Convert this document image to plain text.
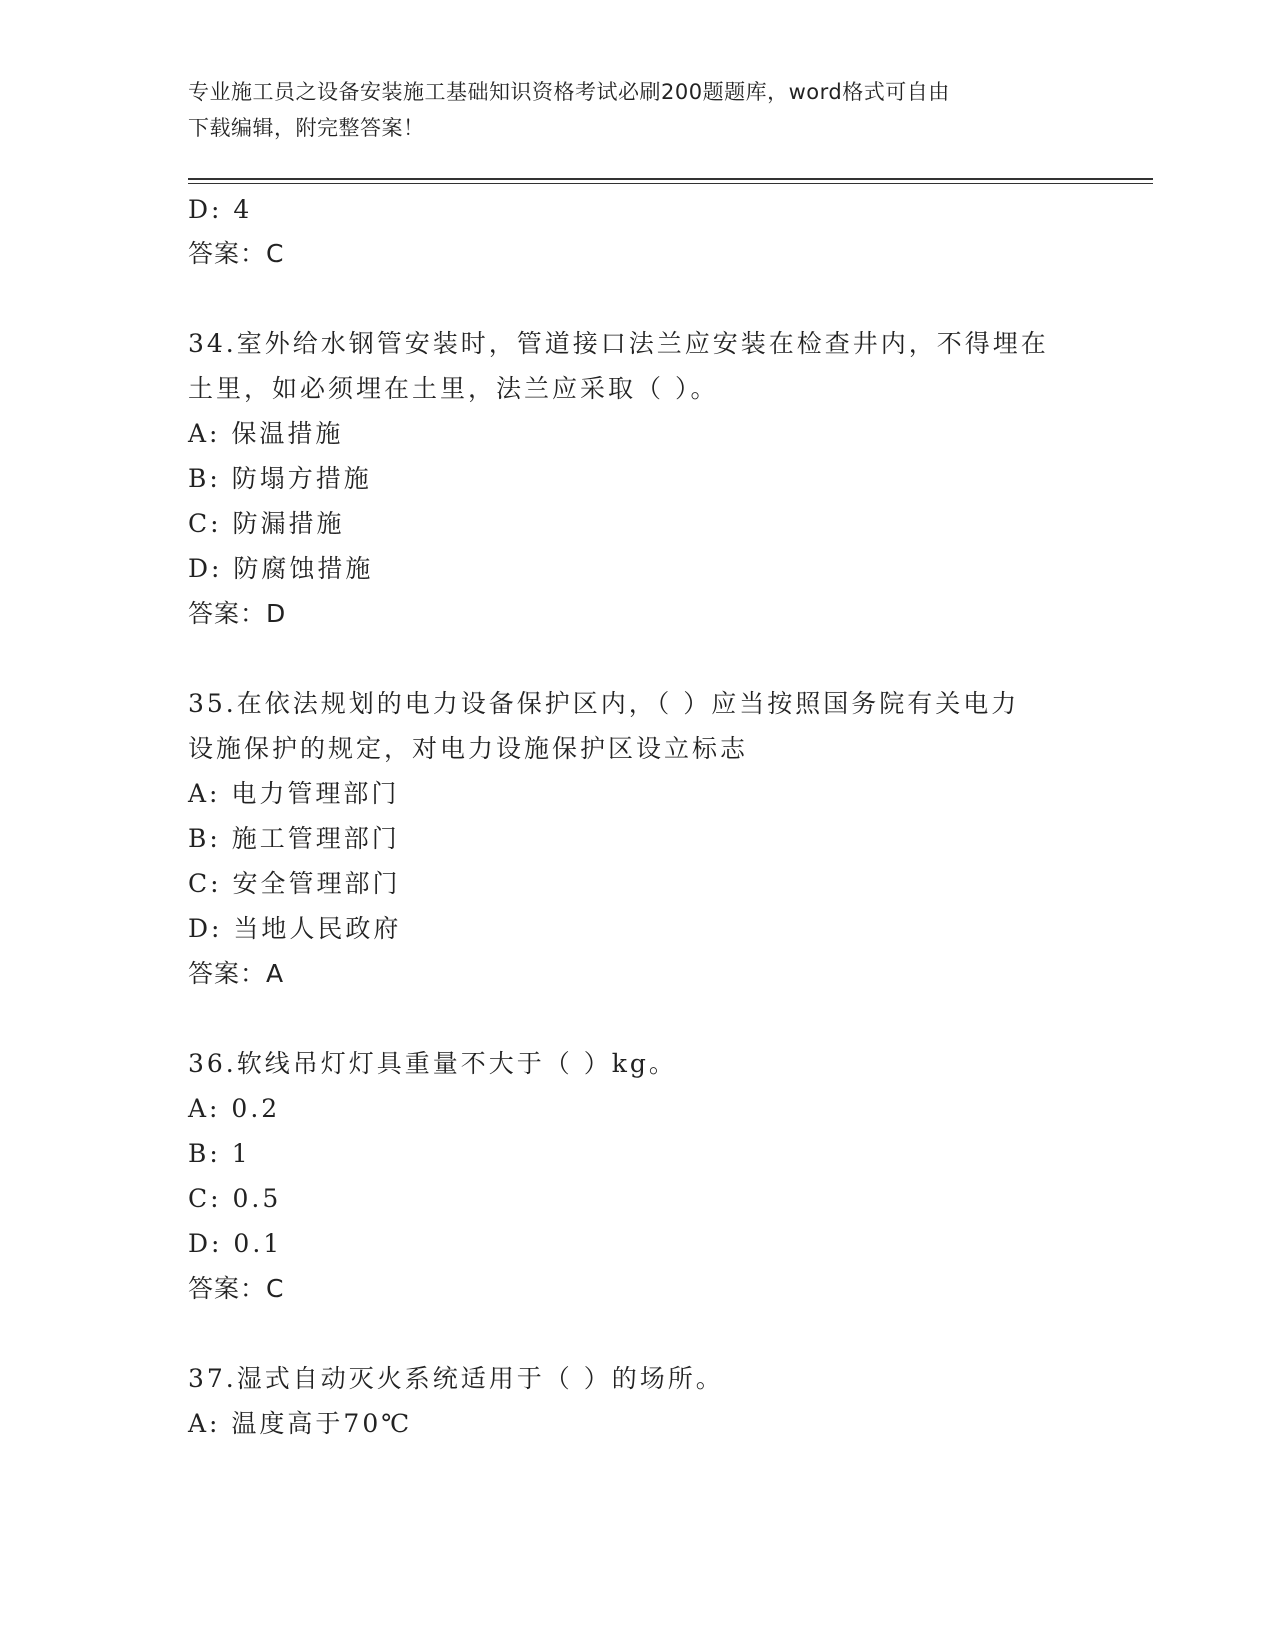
专业施工员之设备安装施工基础知识资格考试必刷200题题库，word格式可自由
下载编辑，附完整答案！
D: 4
答案：C
34.室外给水钢管安装时，管道接口法兰应安装在检查井内，不得埋在
土里，如必须埋在土里，法兰应采取（ ）。
A: 保温措施
B: 防塌方措施
C: 防漏措施
D: 防腐蚀措施
答案：D
35.在依法规划的电力设备保护区内，（ ）应当按照国务院有关电力
设施保护的规定，对电力设施保护区设立标志
A: 电力管理部门
B: 施工管理部门
C: 安全管理部门
D: 当地人民政府
答案：A
36.软线吊灯灯具重量不大于（ ）kg。
A: 0.2
B: 1
C: 0.5
D: 0.1
答案：C
37.湿式自动灭火系统适用于（ ）的场所。
A: 温度高于70℃
